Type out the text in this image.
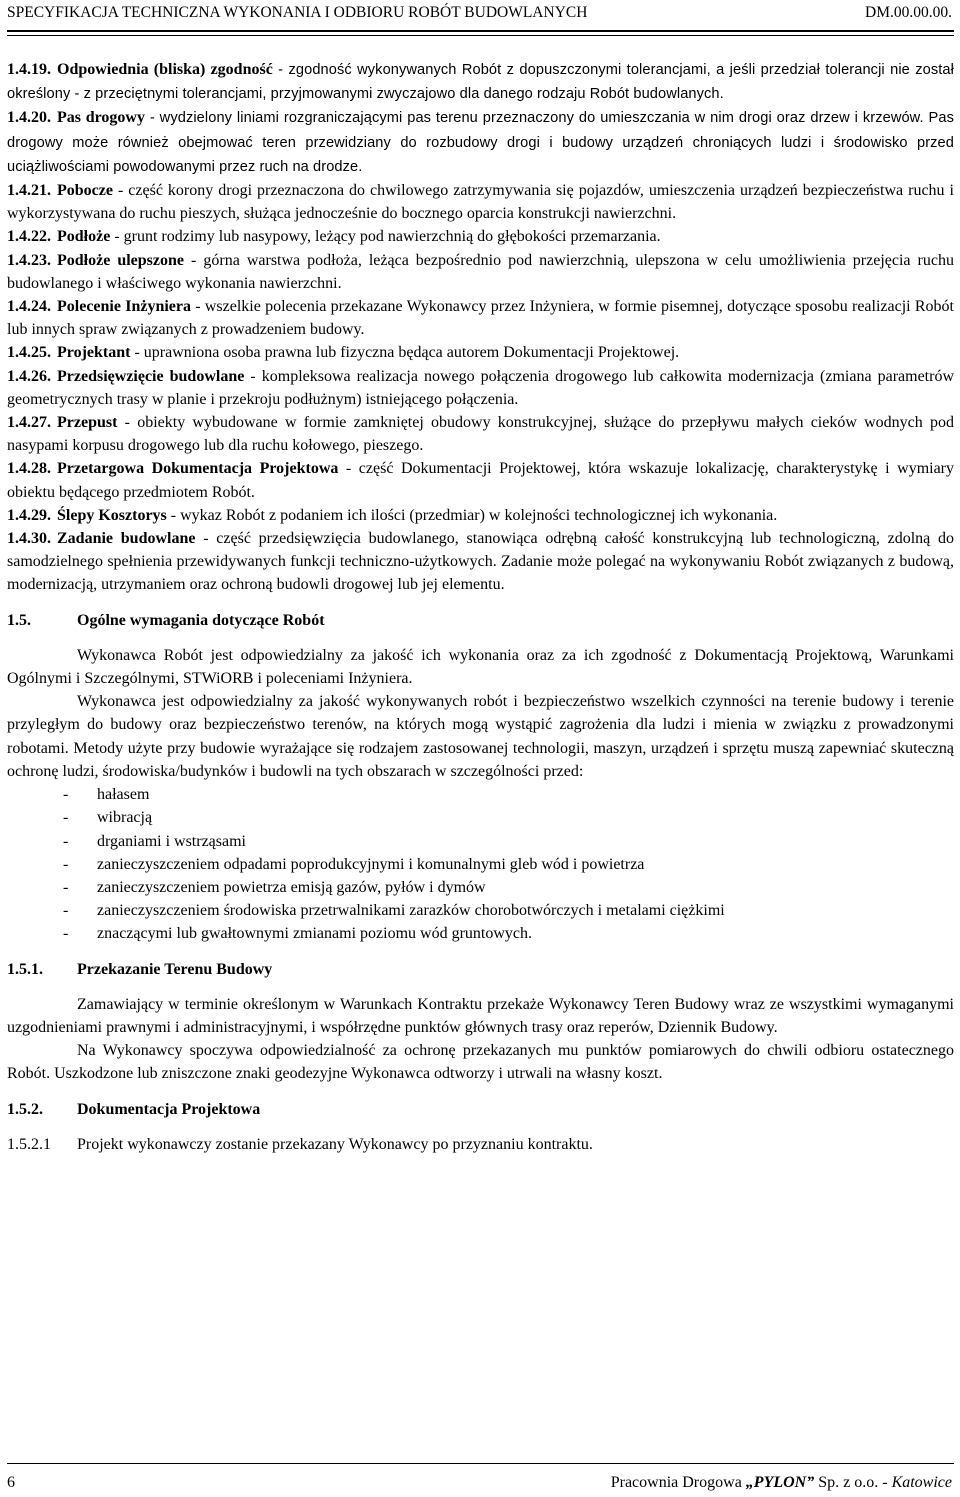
SPECYFIKACJA TECHNICZNA WYKONANIA I ODBIORU ROBÓT BUDOWLANYCH	DM.00.00.00.

1.4.19. Odpowiednia (bliska) zgodność - zgodność wykonywanych Robót z dopuszczonymi tolerancjami, a jeśli przedział tolerancji nie został określony - z przeciętnymi tolerancjami, przyjmowanymi zwyczajowo dla danego rodzaju Robót budowlanych.

1.4.20. Pas drogowy - wydzielony liniami rozgraniczającymi pas terenu przeznaczony do umieszczania w nim drogi oraz drzew i krzewów. Pas drogowy może również obejmować teren przewidziany do rozbudowy drogi i budowy urządzeń chroniących ludzi i środowisko przed uciążliwościami powodowanymi przez ruch na drodze.

1.4.21. Pobocze - część korony drogi przeznaczona do chwilowego zatrzymywania się pojazdów, umieszczenia urządzeń bezpieczeństwa ruchu i wykorzystywana do ruchu pieszych, służąca jednocześnie do bocznego oparcia konstrukcji nawierzchni.

1.4.22. Podłoże - grunt rodzimy lub nasypowy, leżący pod nawierzchnią do głębokości przemarzania.

1.4.23. Podłoże ulepszone - górna warstwa podłoża, leżąca bezpośrednio pod nawierzchnią, ulepszona w celu umożliwienia przejęcia ruchu budowlanego i właściwego wykonania nawierzchni.

1.4.24. Polecenie Inżyniera - wszelkie polecenia przekazane Wykonawcy przez Inżyniera, w formie pisemnej, dotyczące sposobu realizacji Robót lub innych spraw związanych z prowadzeniem budowy.

1.4.25. Projektant - uprawniona osoba prawna lub fizyczna będąca autorem Dokumentacji Projektowej.

1.4.26. Przedsięwzięcie budowlane - kompleksowa realizacja nowego połączenia drogowego lub całkowita modernizacja (zmiana parametrów geometrycznych trasy w planie i przekroju podłużnym) istniejącego połączenia.

1.4.27. Przepust - obiekty wybudowane w formie zamkniętej obudowy konstrukcyjnej, służące do przepływu małych cieków wodnych pod nasypami korpusu drogowego lub dla ruchu kołowego, pieszego.

1.4.28. Przetargowa Dokumentacja Projektowa - część Dokumentacji Projektowej, która wskazuje lokalizację, charakterystykę i wymiary obiektu będącego przedmiotem Robót.

1.4.29. Ślepy Kosztorys - wykaz Robót z podaniem ich ilości (przedmiar) w kolejności technologicznej ich wykonania.

1.4.30. Zadanie budowlane - część przedsięwzięcia budowlanego, stanowiąca odrębną całość konstrukcyjną lub technologiczną, zdolną do samodzielnego spełnienia przewidywanych funkcji techniczno-użytkowych. Zadanie może polegać na wykonywaniu Robót związanych z budową, modernizacją, utrzymaniem oraz ochroną budowli drogowej lub jej elementu.

1.5.	Ogólne wymagania dotyczące Robót

Wykonawca Robót jest odpowiedzialny za jakość ich wykonania oraz za ich zgodność z Dokumentacją Projektową, Warunkami Ogólnymi i Szczególnymi, STWiORB i poleceniami Inżyniera.

Wykonawca jest odpowiedzialny za jakość wykonywanych robót i bezpieczeństwo wszelkich czynności na terenie budowy i terenie przyległym do budowy oraz bezpieczeństwo terenów, na których mogą wystąpić zagrożenia dla ludzi i mienia w związku z prowadzonymi robotami. Metody użyte przy budowie wyrażające się rodzajem zastosowanej technologii, maszyn, urządzeń i sprzętu muszą zapewniać skuteczną ochronę ludzi, środowiska/budynków i budowli na tych obszarach w szczególności przed:

- hałasem
- wibracją
- drganiami i wstrząsami
- zanieczyszczeniem odpadami poprodukcyjnymi i komunalnymi gleb wód i powietrza
- zanieczyszczeniem powietrza emisją gazów, pyłów i dymów
- zanieczyszczeniem środowiska przetrwalnikami zarazków chorobotwórczych i metalami ciężkimi
- znaczącymi lub gwałtownymi zmianami poziomu wód gruntowych.

1.5.1. Przekazanie Terenu Budowy

Zamawiający w terminie określonym w Warunkach Kontraktu przekaże Wykonawcy Teren Budowy wraz ze wszystkimi wymaganymi uzgodnieniami prawnymi i administracyjnymi, i współrzędne punktów głównych trasy oraz reperów, Dziennik Budowy.

Na Wykonawcy spoczywa odpowiedzialność za ochronę przekazanych mu punktów pomiarowych do chwili odbioru ostatecznego Robót. Uszkodzone lub zniszczone znaki geodezyjne Wykonawca odtworzy i utrwali na własny koszt.

1.5.2. Dokumentacja Projektowa

1.5.2.1 Projekt wykonawczy zostanie przekazany Wykonawcy po przyznaniu kontraktu.

6	Pracownia Drogowa „PYLON” Sp. z o.o. - Katowice
